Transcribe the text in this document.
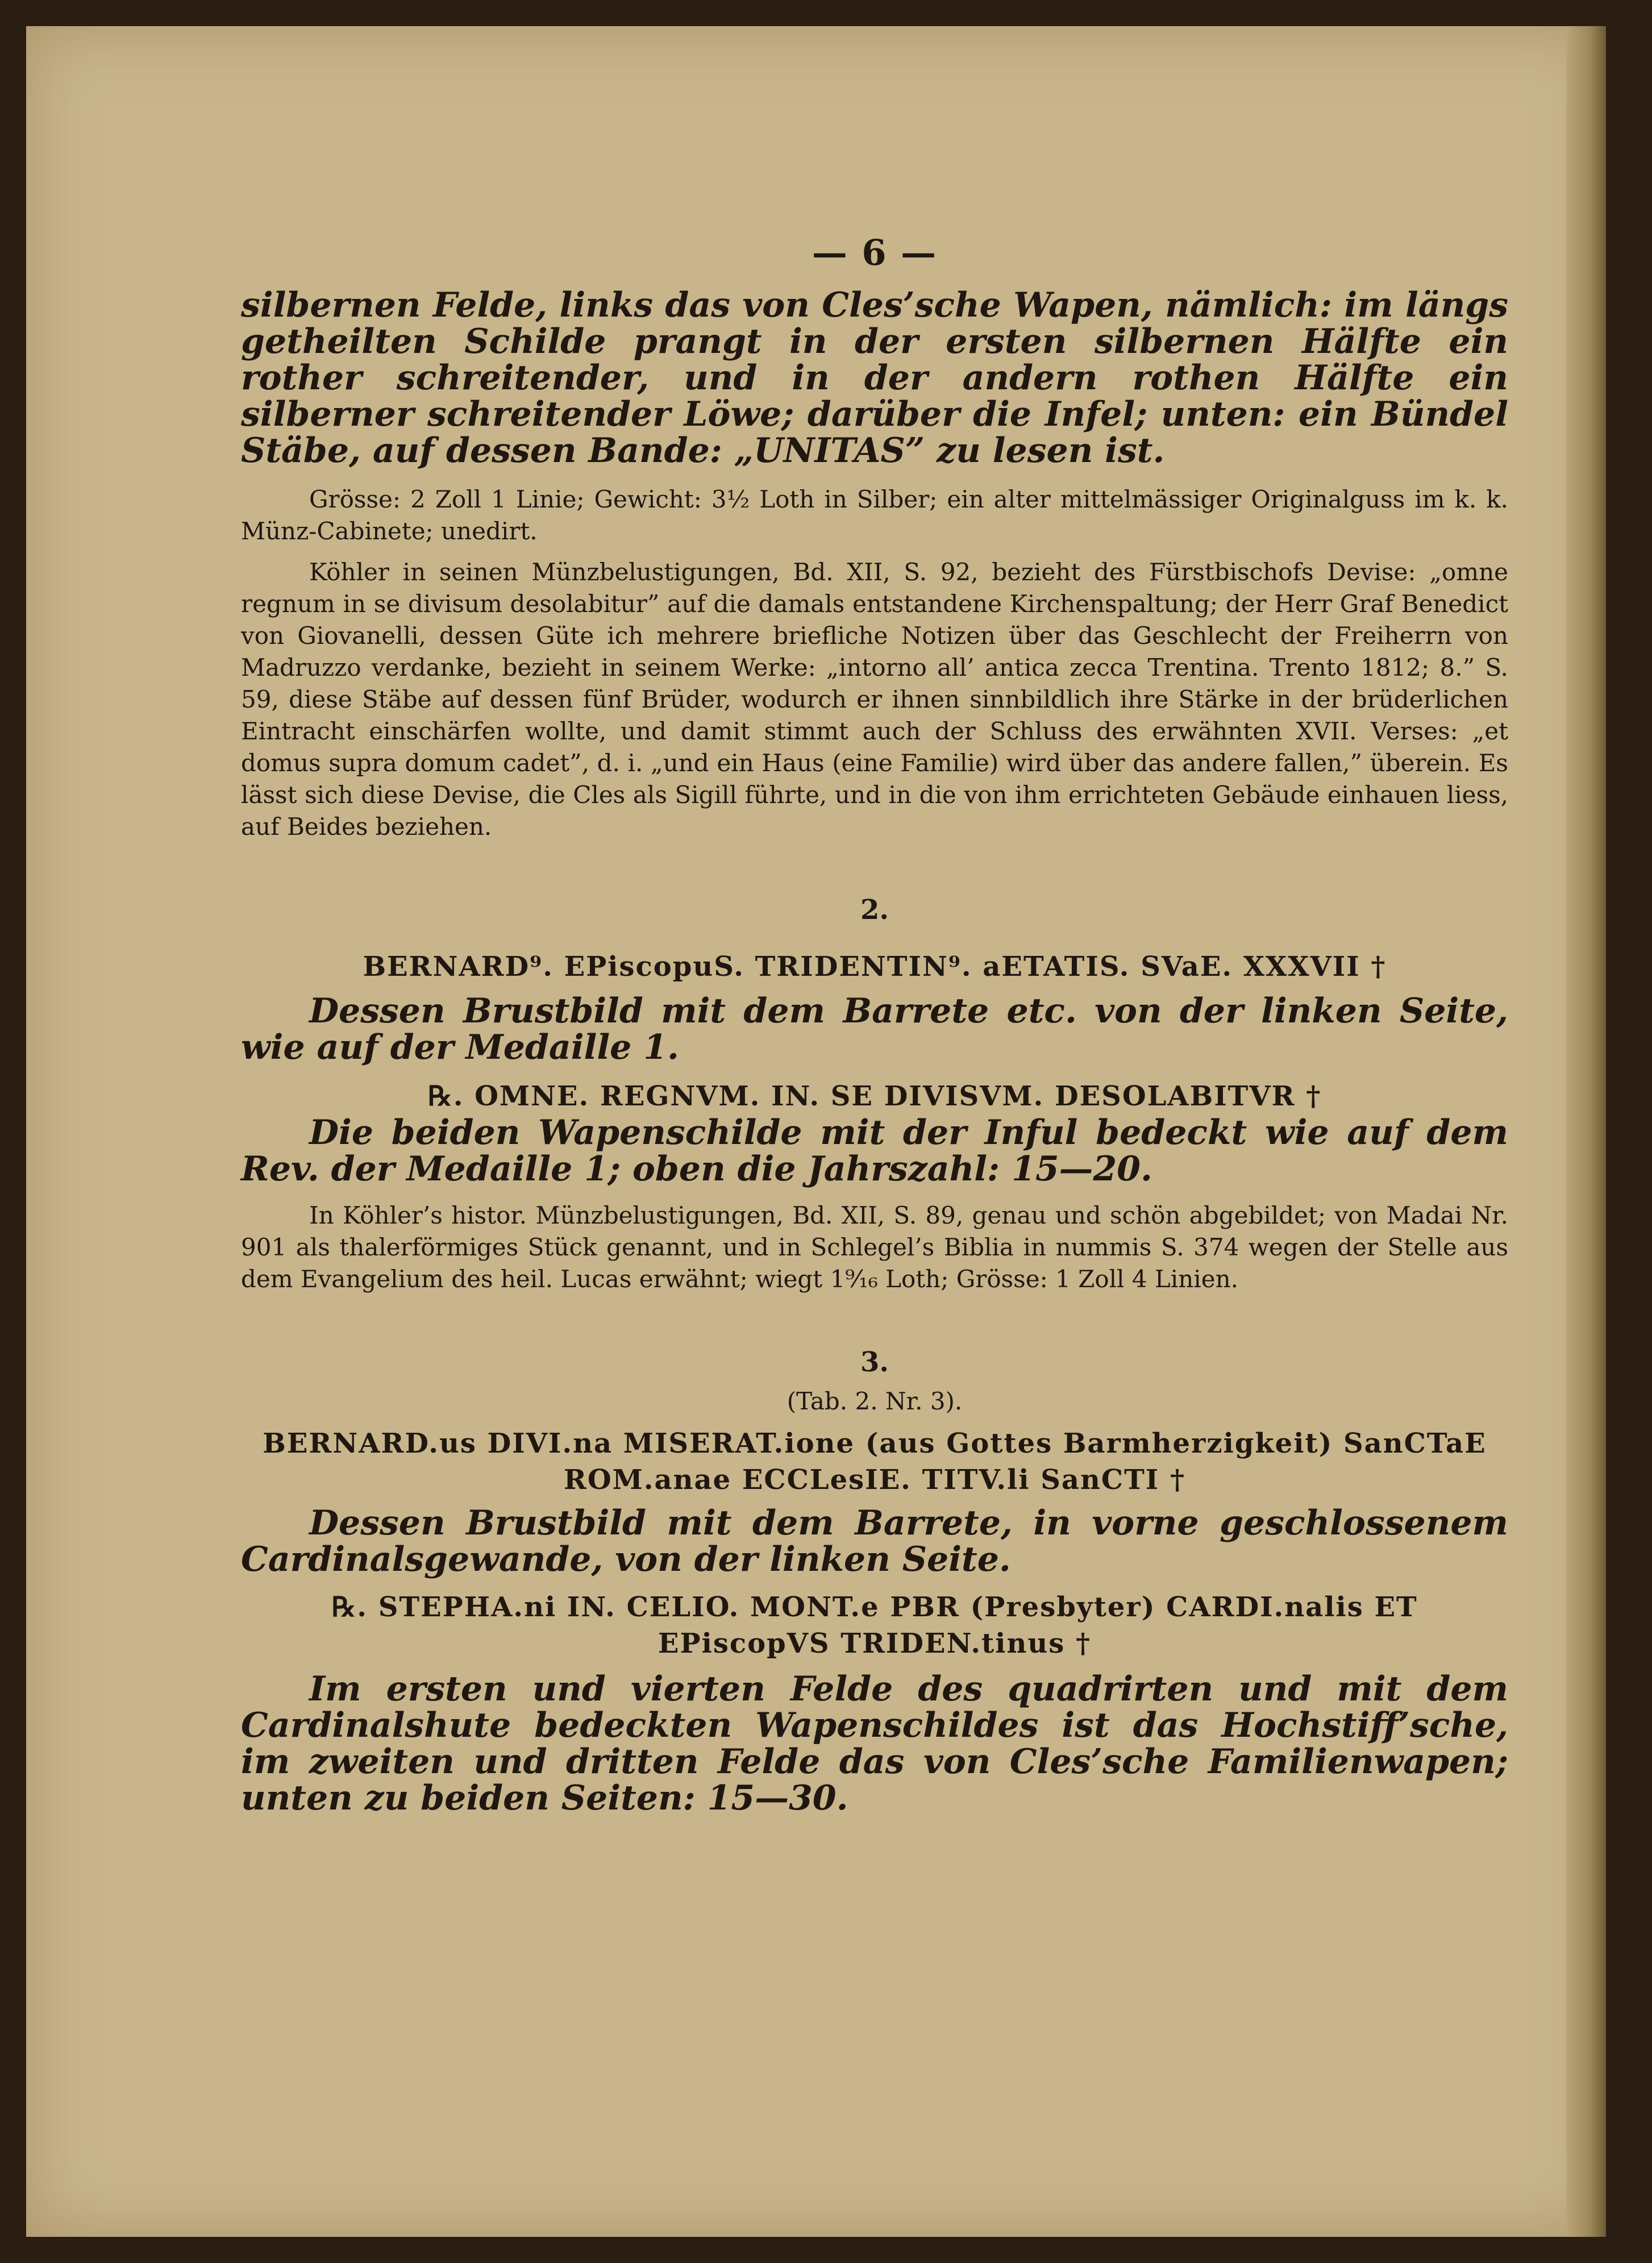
— 6 —
silbernen Felde, links das von Cles’sche Wapen, nämlich: im längs getheilten Schilde prangt in der ersten silbernen Hälfte ein rother schreitender, und in der andern rothen Hälfte ein silberner schreitender Löwe; darüber die Infel; unten: ein Bündel Stäbe, auf dessen Bande: „UNITAS” zu lesen ist.
Grösse: 2 Zoll 1 Linie; Gewicht: 3½ Loth in Silber; ein alter mittelmässiger Originalguss im k. k. Münz-Cabinete; unedirt.
Köhler in seinen Münzbelustigungen, Bd. XII, S. 92, bezieht des Fürstbischofs Devise: „omne regnum in se divisum desolabitur” auf die damals entstandene Kirchenspaltung; der Herr Graf Benedict von Giovanelli, dessen Güte ich mehrere briefliche Notizen über das Geschlecht der Freiherrn von Madruzzo verdanke, bezieht in seinem Werke: „intorno all’ antica zecca Trentina. Trento 1812; 8.” S. 59, diese Stäbe auf dessen fünf Brüder, wodurch er ihnen sinnbildlich ihre Stärke in der brüderlichen Eintracht einschärfen wollte, und damit stimmt auch der Schluss des erwähnten XVII. Verses: „et domus supra domum cadet”, d. i. „und ein Haus (eine Familie) wird über das andere fallen,” überein. Es lässt sich diese Devise, die Cles als Sigill führte, und in die von ihm errichteten Gebäude einhauen liess, auf Beides beziehen.
2.
BERNARD⁹. EPiscopuS. TRIDENTIN⁹. aETATIS. SVaE. XXXVII †
Dessen Brustbild mit dem Barrete etc. von der linken Seite, wie auf der Medaille 1.
℞. OMNE. REGNVM. IN. SE DIVISVM. DESOLABITVR †
Die beiden Wapenschilde mit der Inful bedeckt wie auf dem Rev. der Medaille 1; oben die Jahrszahl: 15—20.
In Köhler’s histor. Münzbelustigungen, Bd. XII, S. 89, genau und schön abgebildet; von Madai Nr. 901 als thalerförmiges Stück genannt, und in Schlegel’s Biblia in nummis S. 374 wegen der Stelle aus dem Evangelium des heil. Lucas erwähnt; wiegt 1⁹⁄₁₆ Loth; Grösse: 1 Zoll 4 Linien.
3.
(Tab. 2. Nr. 3).
BERNARD.us DIVI.na MISERAT.ione (aus Gottes Barmherzigkeit) SanCTaE ROM.anae ECCLesIE. TITV.li SanCTI †
Dessen Brustbild mit dem Barrete, in vorne geschlossenem Cardinalsgewande, von der linken Seite.
℞. STEPHA.ni IN. CELIO. MONT.e PBR (Presbyter) CARDI.nalis ET EPiscopVS TRIDEN.tinus †
Im ersten und vierten Felde des quadrirten und mit dem Cardinalshute bedeckten Wapenschildes ist das Hochstiff’sche, im zweiten und dritten Felde das von Cles’sche Familienwapen; unten zu beiden Seiten: 15—30.
